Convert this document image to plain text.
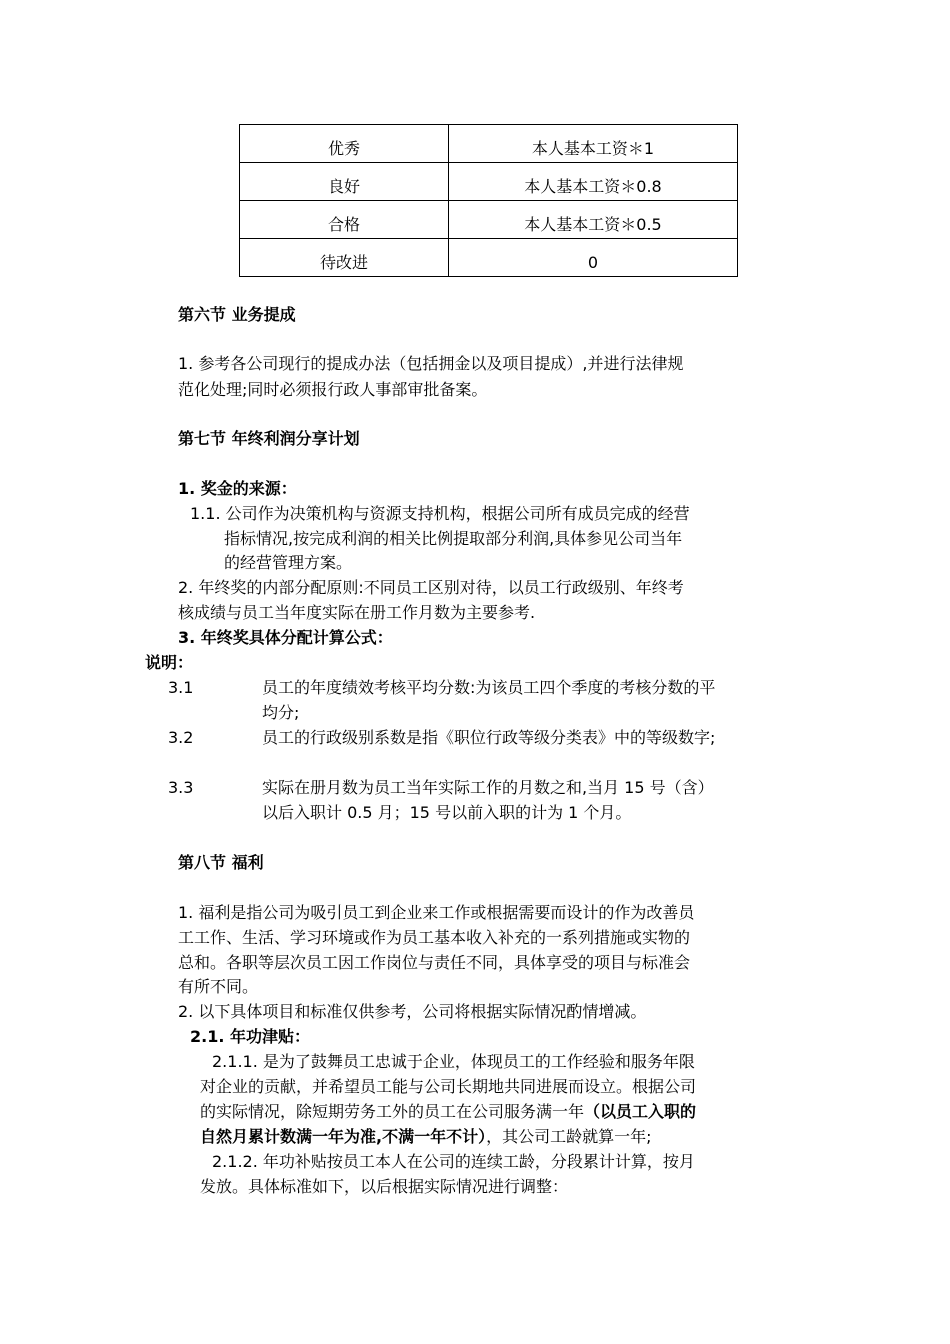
优秀	本人基本工资＊1
良好	本人基本工资＊0.8
合格	本人基本工资＊0.5
待改进	0
第六节 业务提成
1. 参考各公司现行的提成办法（包括拥金以及项目提成）,并进行法律规
范化处理;同时必须报行政人事部审批备案。
第七节 年终利润分享计划
1. 奖金的来源：
1.1. 公司作为决策机构与资源支持机构，根据公司所有成员完成的经营
指标情况,按完成利润的相关比例提取部分利润,具体参见公司当年
的经营管理方案。
2. 年终奖的内部分配原则:不同员工区别对待，以员工行政级别、年终考
核成绩与员工当年度实际在册工作月数为主要参考.
3. 年终奖具体分配计算公式：
说明：
3.1	员工的年度绩效考核平均分数:为该员工四个季度的考核分数的平
均分;
3.2	员工的行政级别系数是指《职位行政等级分类表》中的等级数字;
3.3	实际在册月数为员工当年实际工作的月数之和,当月 15 号（含）
以后入职计 0.5 月；15 号以前入职的计为 1 个月。
第八节 福利
1. 福利是指公司为吸引员工到企业来工作或根据需要而设计的作为改善员
工工作、生活、学习环境或作为员工基本收入补充的一系列措施或实物的
总和。各职等层次员工因工作岗位与责任不同，具体享受的项目与标准会
有所不同。
2. 以下具体项目和标准仅供参考，公司将根据实际情况酌情增减。
2.1. 年功津贴：
2.1.1. 是为了鼓舞员工忠诚于企业，体现员工的工作经验和服务年限
对企业的贡献，并希望员工能与公司长期地共同进展而设立。根据公司
的实际情况，除短期劳务工外的员工在公司服务满一年（以员工入职的
自然月累计数满一年为准,不满一年不计），其公司工龄就算一年;
2.1.2. 年功补贴按员工本人在公司的连续工龄，分段累计计算，按月
发放。具体标准如下，以后根据实际情况进行调整：
